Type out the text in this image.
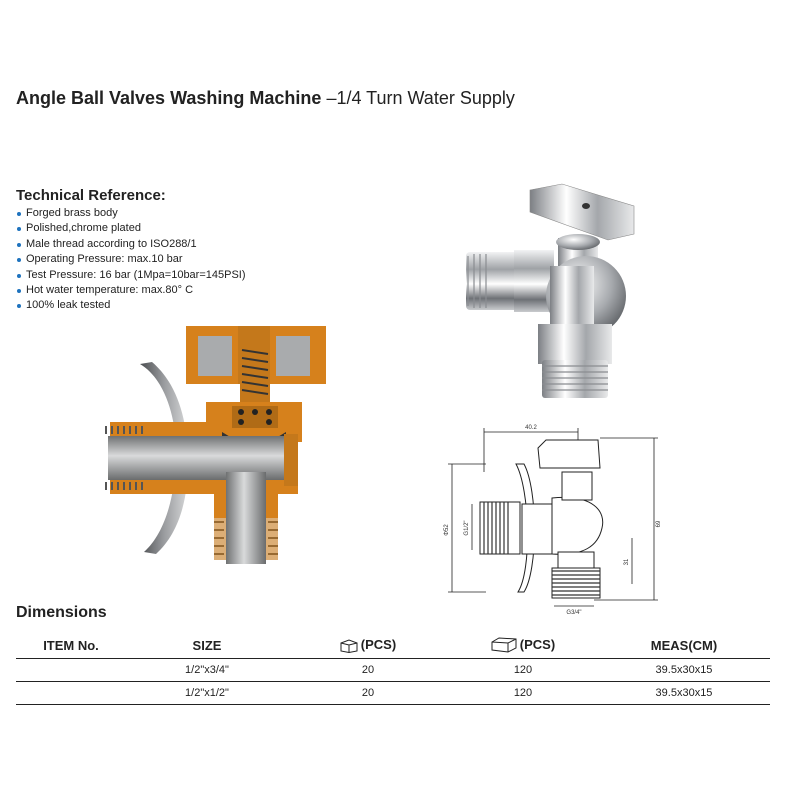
Angle Ball Valves Washing Machine –1/4 Turn Water Supply
Technical Reference:
Forged brass body
Polished,chrome plated
Male thread according to ISO288/1
Operating Pressure: max.10 bar
Test Pressure: 16 bar (1Mpa=10bar=145PSI)
Hot water temperature: max.80° C
100% leak tested
40.2
69
Φ52 G1/2"
G3/4"
31
Dimensions
ITEM No.	SIZE	(PCS)	(PCS)	MEAS(CM)
	1/2"x3/4"	20	120	39.5x30x15
	1/2"x1/2"	20	120	39.5x30x15
